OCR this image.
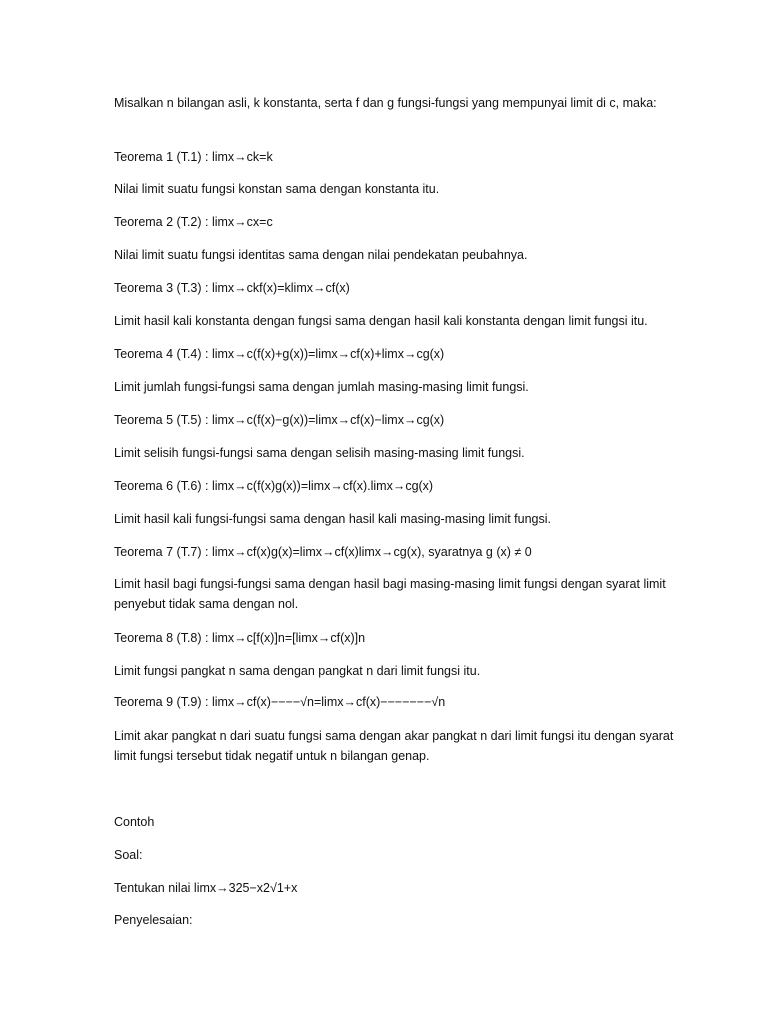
Misalkan n bilangan asli, k konstanta, serta f dan g fungsi-fungsi yang mempunyai limit di c, maka:
Teorema 1 (T.1) : limx→ck=k
Nilai limit suatu fungsi konstan sama dengan konstanta itu.
Teorema 2 (T.2) : limx→cx=c
Nilai limit suatu fungsi identitas sama dengan nilai pendekatan peubahnya.
Teorema 3 (T.3) : limx→ckf(x)=klimx→cf(x)
Limit hasil kali konstanta dengan fungsi sama dengan hasil kali konstanta dengan limit fungsi itu.
Teorema 4 (T.4) : limx→c(f(x)+g(x))=limx→cf(x)+limx→cg(x)
Limit jumlah fungsi-fungsi sama dengan jumlah masing-masing limit fungsi.
Teorema 5 (T.5) : limx→c(f(x)−g(x))=limx→cf(x)−limx→cg(x)
Limit selisih fungsi-fungsi sama dengan selisih masing-masing limit fungsi.
Teorema 6 (T.6) : limx→c(f(x)g(x))=limx→cf(x).limx→cg(x)
Limit hasil kali fungsi-fungsi sama dengan hasil kali masing-masing limit fungsi.
Teorema 7 (T.7) : limx→cf(x)g(x)=limx→cf(x)limx→cg(x), syaratnya g (x) ≠ 0
Limit hasil bagi fungsi-fungsi sama dengan hasil bagi masing-masing limit fungsi dengan syarat limit penyebut tidak sama dengan nol.
Teorema 8 (T.8) : limx→c[f(x)]n=[limx→cf(x)]n
Limit fungsi pangkat n sama dengan pangkat n dari limit fungsi itu.
Teorema 9 (T.9) : limx→cf(x)−−−−√n=limx→cf(x)−−−−−−−√n
Limit akar pangkat n dari suatu fungsi sama dengan akar pangkat n dari limit fungsi itu dengan syarat limit fungsi tersebut tidak negatif untuk n bilangan genap.
Contoh
Soal:
Tentukan nilai limx→325−x2√1+x
Penyelesaian:
